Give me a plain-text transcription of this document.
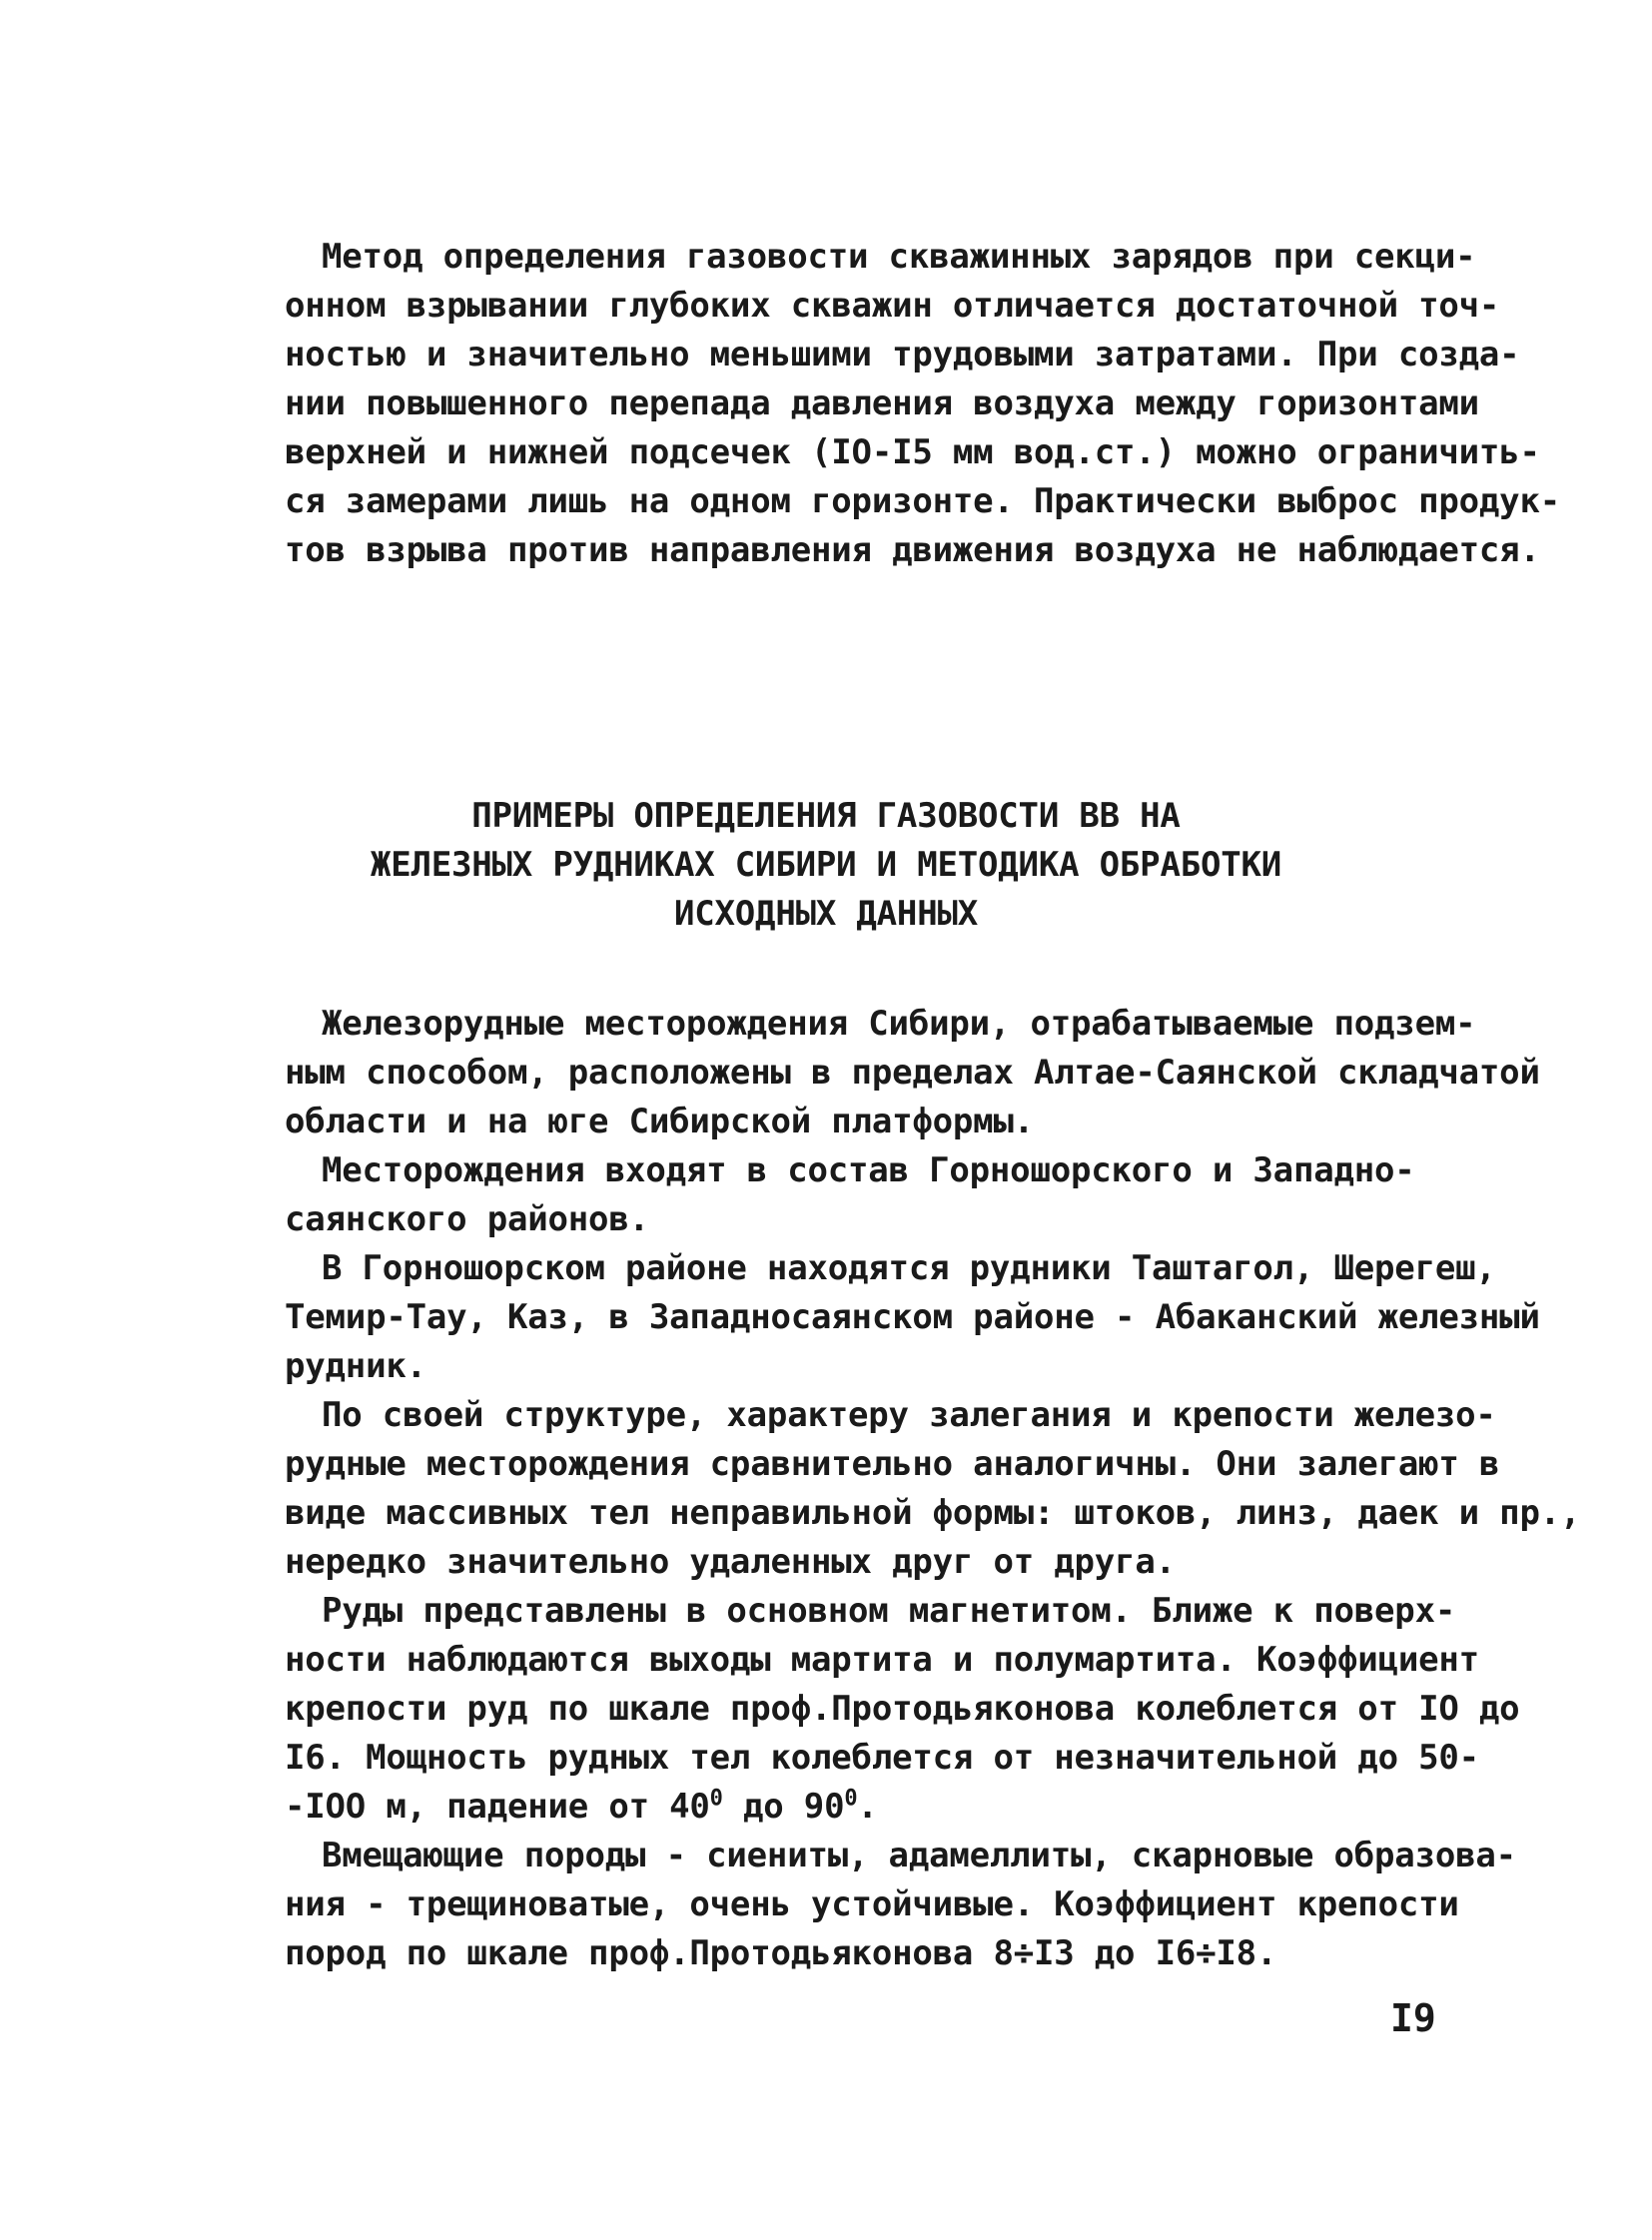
Метод определения газовости скважинных зарядов при секци-
онном взрывании глубоких скважин отличается достаточной точ-
ностью и значительно меньшими трудовыми затратами. При созда-
нии повышенного перепада давления воздуха между горизонтами
верхней и нижней подсечек (IO-I5 мм вод.ст.) можно ограничить-
ся замерами лишь на одном горизонте. Практически выброс продук-
тов взрыва против направления движения воздуха не наблюдается.
ПРИМЕРЫ ОПРЕДЕЛЕНИЯ ГАЗОВОСТИ ВВ НА
ЖЕЛЕЗНЫХ РУДНИКАХ СИБИРИ И МЕТОДИКА ОБРАБОТКИ
ИСХОДНЫХ ДАННЫХ
Железорудные месторождения Сибири, отрабатываемые подзем-
ным способом, расположены в пределах Алтае-Саянской складчатой
области и на юге Сибирской платформы.
Месторождения входят в состав Горношорского и Западно-
саянского районов.
В Горношорском районе находятся рудники Таштагол, Шерегеш,
Темир-Тау, Каз, в Западносаянском районе - Абаканский железный
рудник.
По своей структуре, характеру залегания и крепости железо-
рудные месторождения сравнительно аналогичны. Они залегают в
виде массивных тел неправильной формы: штоков, линз, даек и пр.,
нередко значительно удаленных друг от друга.
Руды представлены в основном магнетитом. Ближе к поверх-
ности наблюдаются выходы мартита и полумартита. Коэффициент
крепости руд по шкале проф.Протодьяконова колеблется от IO до
I6. Мощность рудных тел колеблется от незначительной до 50-
-IOO м, падение от $40^0$ до $90^0$.
Вмещающие породы - сиениты, адамеллиты, скарновые образова-
ния - трещиноватые, очень устойчивые. Коэффициент крепости
пород по шкале проф.Протодьяконова 8÷I3 до I6÷I8.
I9
